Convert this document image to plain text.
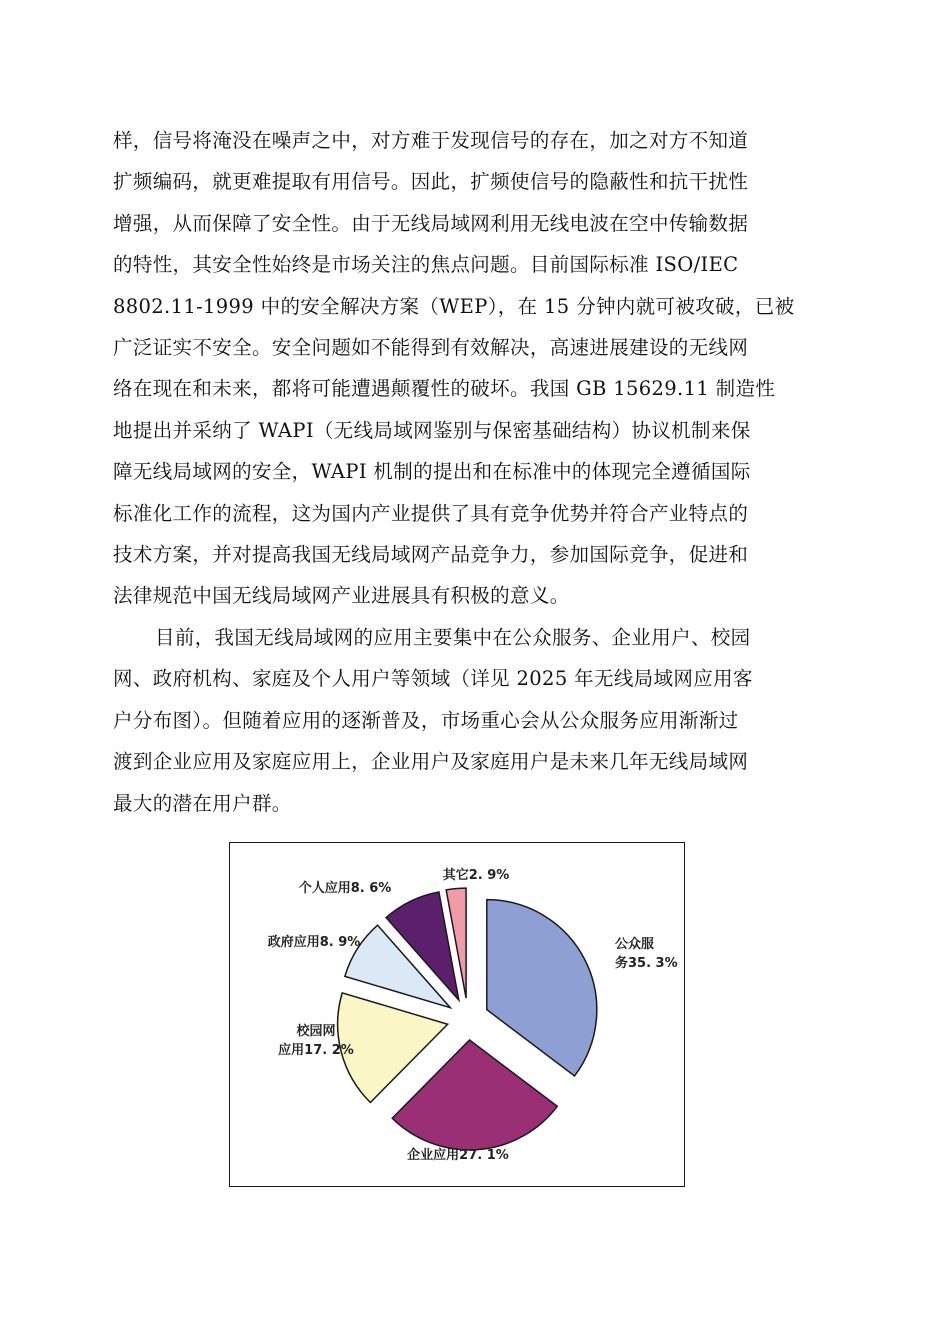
样，信号将淹没在噪声之中，对方难于发现信号的存在，加之对方不知道
扩频编码，就更难提取有用信号。因此，扩频使信号的隐蔽性和抗干扰性
增强，从而保障了安全性。由于无线局域网利用无线电波在空中传输数据
的特性，其安全性始终是市场关注的焦点问题。目前国际标准 ISO/IEC
8802.11-1999 中的安全解决方案（WEP），在 15 分钟内就可被攻破，已被
广泛证实不安全。安全问题如不能得到有效解决，高速进展建设的无线网
络在现在和未来，都将可能遭遇颠覆性的破坏。我国 GB 15629.11 制造性
地提出并采纳了 WAPI（无线局域网鉴别与保密基础结构）协议机制来保
障无线局域网的安全，WAPI 机制的提出和在标准中的体现完全遵循国际
标准化工作的流程，这为国内产业提供了具有竞争优势并符合产业特点的
技术方案，并对提高我国无线局域网产品竞争力，参加国际竞争，促进和
法律规范中国无线局域网产业进展具有积极的意义。

目前，我国无线局域网的应用主要集中在公众服务、企业用户、校园
网、政府机构、家庭及个人用户等领域（详见 2025 年无线局域网应用客
户分布图）。但随着应用的逐渐普及，市场重心会从公众服务应用渐渐过
渡到企业应用及家庭应用上，企业用户及家庭用户是未来几年无线局域网
最大的潜在用户群。

公众服务35. 3%
企业应用27. 1%
校园网应用17. 2%
政府应用8. 9%
个人应用8. 6%
其它2. 9%
